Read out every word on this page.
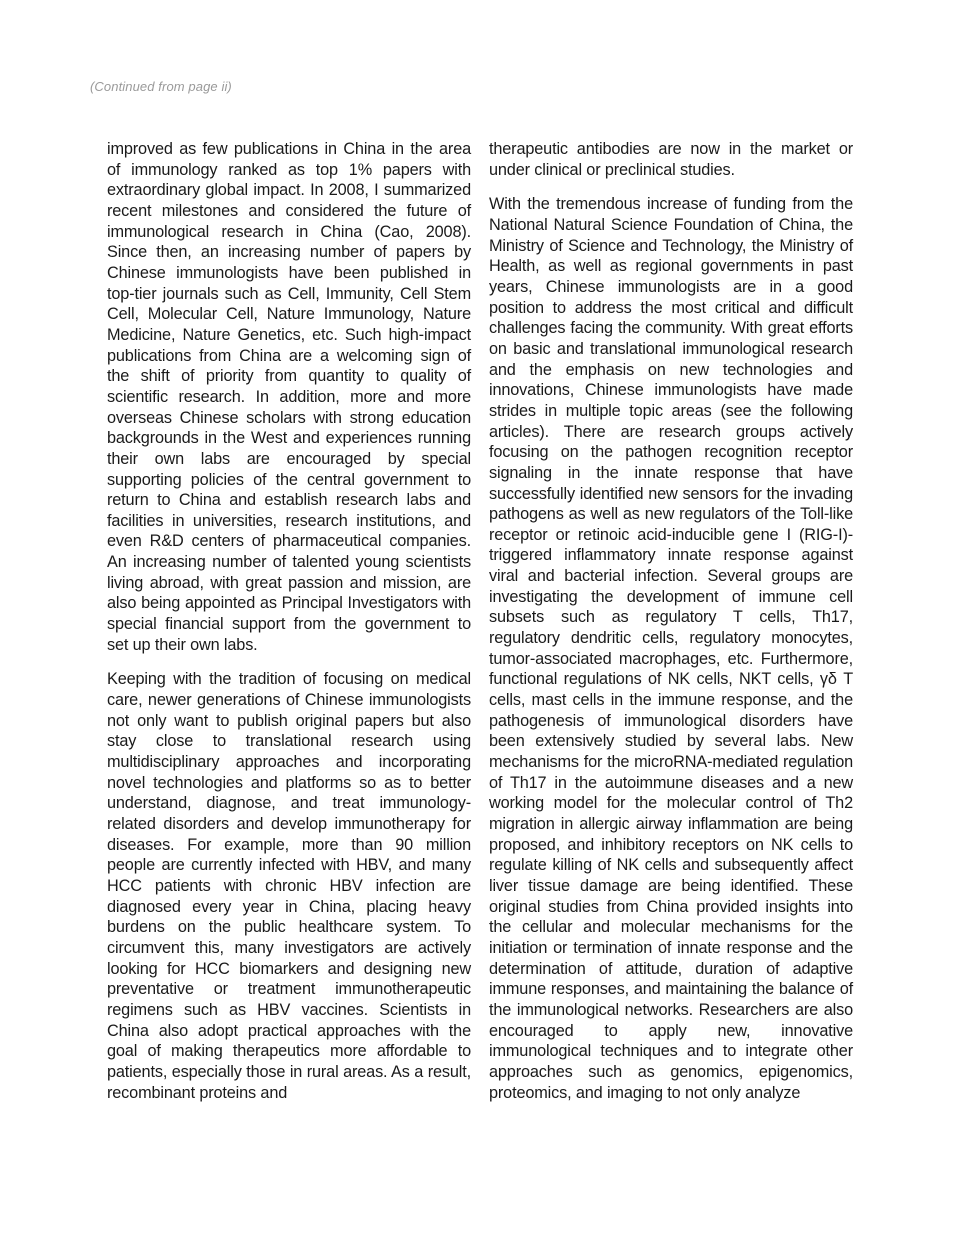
(Continued from page ii)

improved as few publications in China in the area of immunology ranked as top 1% papers with extraordinary global impact. In 2008, I summarized recent milestones and considered the future of immunological research in China (Cao, 2008). Since then, an increasing number of papers by Chinese immunologists have been published in top-tier journals such as Cell, Immunity, Cell Stem Cell, Molecular Cell, Nature Immunology, Nature Medicine, Nature Genetics, etc. Such high-impact publications from China are a welcoming sign of the shift of priority from quantity to quality of scientific research. In addition, more and more overseas Chinese scholars with strong education backgrounds in the West and experiences running their own labs are encouraged by special supporting policies of the central government to return to China and establish research labs and facilities in universities, research institutions, and even R&D centers of pharmaceutical companies. An increasing number of talented young scientists living abroad, with great passion and mission, are also being appointed as Principal Investigators with special financial support from the government to set up their own labs.

Keeping with the tradition of focusing on medical care, newer generations of Chinese immunologists not only want to publish original papers but also stay close to translational research using multidisciplinary approaches and incorporating novel technologies and platforms so as to better understand, diagnose, and treat immunology-related disorders and develop immunotherapy for diseases. For example, more than 90 million people are currently infected with HBV, and many HCC patients with chronic HBV infection are diagnosed every year in China, placing heavy burdens on the public healthcare system. To circumvent this, many investigators are actively looking for HCC biomarkers and designing new preventative or treatment immunotherapeutic regimens such as HBV vaccines. Scientists in China also adopt practical approaches with the goal of making therapeutics more affordable to patients, especially those in rural areas. As a result, recombinant proteins and

therapeutic antibodies are now in the market or under clinical or preclinical studies.

With the tremendous increase of funding from the National Natural Science Foundation of China, the Ministry of Science and Technology, the Ministry of Health, as well as regional governments in past years, Chinese immunologists are in a good position to address the most critical and difficult challenges facing the community. With great efforts on basic and translational immunological research and the emphasis on new technologies and innovations, Chinese immunologists have made strides in multiple topic areas (see the following articles). There are research groups actively focusing on the pathogen recognition receptor signaling in the innate response that have successfully identified new sensors for the invading pathogens as well as new regulators of the Toll-like receptor or retinoic acid-inducible gene I (RIG-I)-triggered inflammatory innate response against viral and bacterial infection. Several groups are investigating the development of immune cell subsets such as regulatory T cells, Th17, regulatory dendritic cells, regulatory monocytes, tumor-associated macrophages, etc. Furthermore, functional regulations of NK cells, NKT cells, γδ T cells, mast cells in the immune response, and the pathogenesis of immunological disorders have been extensively studied by several labs. New mechanisms for the microRNA-mediated regulation of Th17 in the autoimmune diseases and a new working model for the molecular control of Th2 migration in allergic airway inflammation are being proposed, and inhibitory receptors on NK cells to regulate killing of NK cells and subsequently affect liver tissue damage are being identified. These original studies from China provided insights into the cellular and molecular mechanisms for the initiation or termination of innate response and the determination of attitude, duration of adaptive immune responses, and maintaining the balance of the immunological networks. Researchers are also encouraged to apply new, innovative immunological techniques and to integrate other approaches such as genomics, epigenomics, proteomics, and imaging to not only analyze
